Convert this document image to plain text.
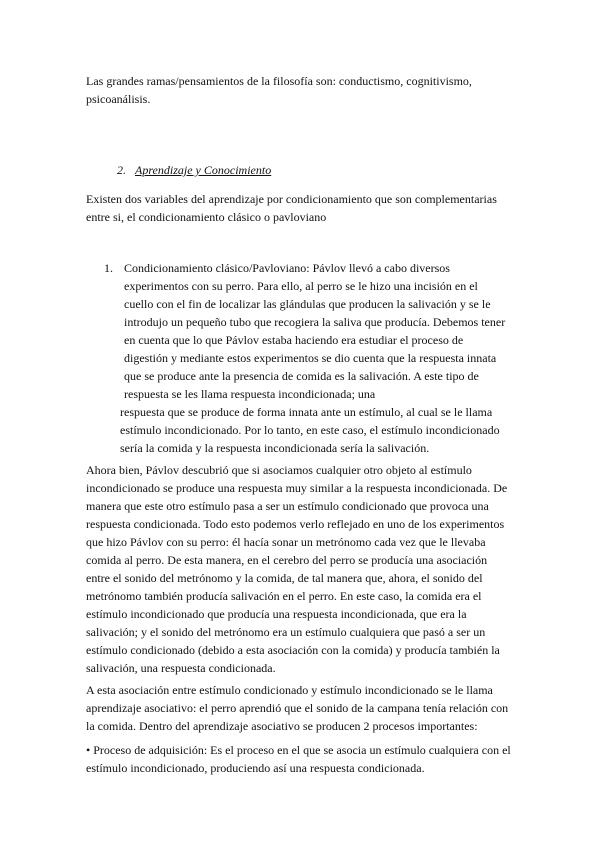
Las grandes ramas/pensamientos de la filosofía son: conductismo, cognitivismo,
psicoanálisis.
2. Aprendizaje y Conocimiento
Existen dos variables del aprendizaje por condicionamiento que son complementarias
entre si, el condicionamiento clásico o pavloviano
1. Condicionamiento clásico/Pavloviano: Pávlov llevó a cabo diversos
experimentos con su perro. Para ello, al perro se le hizo una incisión en el
cuello con el fin de localizar las glándulas que producen la salivación y se le
introdujo un pequeño tubo que recogiera la saliva que producía. Debemos tener
en cuenta que lo que Pávlov estaba haciendo era estudiar el proceso de
digestión y mediante estos experimentos se dio cuenta que la respuesta innata
que se produce ante la presencia de comida es la salivación. A este tipo de
respuesta se les llama respuesta incondicionada; una
respuesta que se produce de forma innata ante un estímulo, al cual se le llama
estímulo incondicionado. Por lo tanto, en este caso, el estímulo incondicionado
sería la comida y la respuesta incondicionada sería la salivación.
Ahora bien, Pávlov descubrió que si asociamos cualquier otro objeto al estímulo
incondicionado se produce una respuesta muy similar a la respuesta incondicionada. De
manera que este otro estímulo pasa a ser un estímulo condicionado que provoca una
respuesta condicionada. Todo esto podemos verlo reflejado en uno de los experimentos
que hizo Pávlov con su perro: él hacía sonar un metrónomo cada vez que le llevaba
comida al perro. De esta manera, en el cerebro del perro se producía una asociación
entre el sonido del metrónomo y la comida, de tal manera que, ahora, el sonido del
metrónomo también producía salivación en el perro. En este caso, la comida era el
estímulo incondicionado que producía una respuesta incondicionada, que era la
salivación; y el sonido del metrónomo era un estímulo cualquiera que pasó a ser un
estímulo condicionado (debido a esta asociación con la comida) y producía también la
salivación, una respuesta condicionada.
A esta asociación entre estímulo condicionado y estímulo incondicionado se le llama
aprendizaje asociativo: el perro aprendió que el sonido de la campana tenía relación con
la comida. Dentro del aprendizaje asociativo se producen 2 procesos importantes:
• Proceso de adquisición: Es el proceso en el que se asocia un estímulo cualquiera con el
estímulo incondicionado, produciendo así una respuesta condicionada.
